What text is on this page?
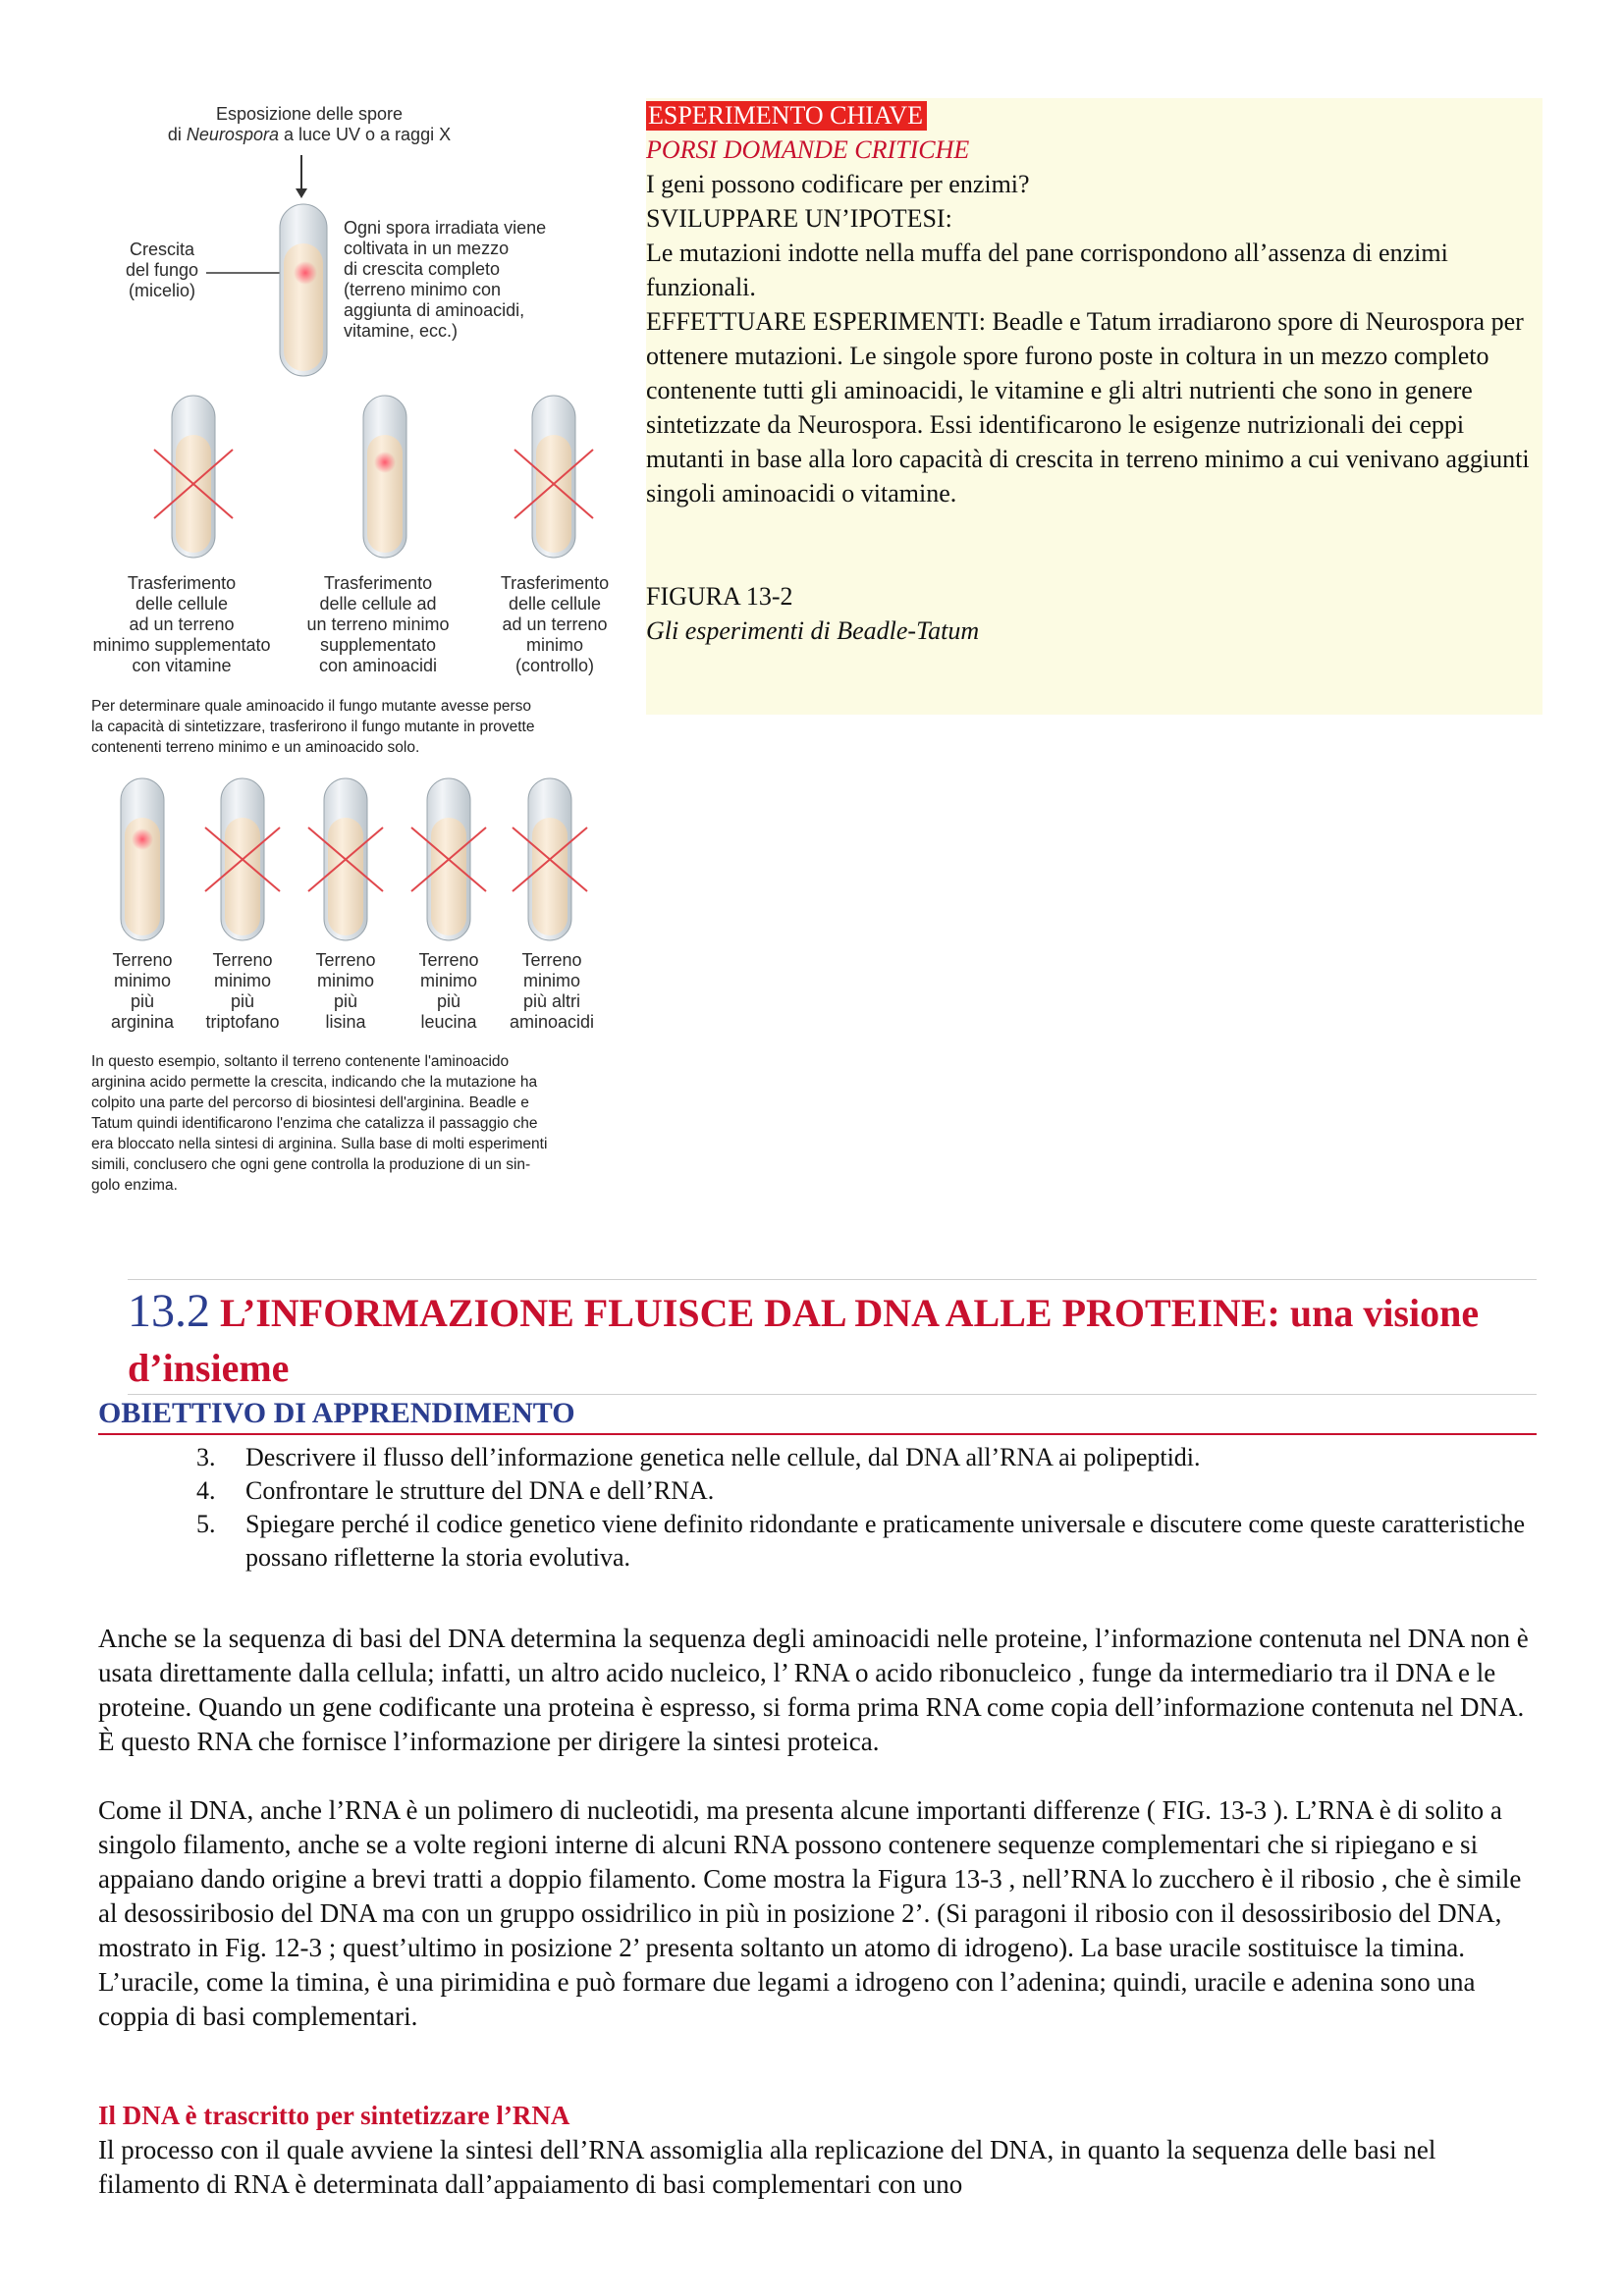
Esposizione delle spore
di Neurospora a luce UV o a raggi X
Crescita
del fungo
(micelio)
Ogni spora irradiata viene
coltivata in un mezzo
di crescita completo
(terreno minimo con
aggiunta di aminoacidi,
vitamine, ecc.)
Trasferimento
delle cellule
ad un terreno
minimo supplementato
con vitamine
Trasferimento
delle cellule ad
un terreno minimo
supplementato
con aminoacidi
Trasferimento
delle cellule
ad un terreno
minimo
(controllo)
Per determinare quale aminoacido il fungo mutante avesse perso
la capacità di sintetizzare, trasferirono il fungo mutante in provette
contenenti terreno minimo e un aminoacido solo.
Terreno
minimo
più
arginina
Terreno
minimo
più
triptofano
Terreno
minimo
più
lisina
Terreno
minimo
più
leucina
Terreno
minimo
più altri
aminoacidi
In questo esempio, soltanto il terreno contenente l'aminoacido
arginina acido permette la crescita, indicando che la mutazione ha
colpito una parte del percorso di biosintesi dell'arginina. Beadle e
Tatum quindi identificarono l'enzima che catalizza il passaggio che
era bloccato nella sintesi di arginina. Sulla base di molti esperimenti
simili, conclusero che ogni gene controlla la produzione di un sin-
golo enzima.

ESPERIMENTO CHIAVE

PORSI DOMANDE CRITICHE

I geni possono codificare per enzimi?

SVILUPPARE UN’IPOTESI:

Le mutazioni indotte nella muffa del pane corrispondono all’assenza di enzimi funzionali.

EFFETTUARE ESPERIMENTI: Beadle e Tatum irradiarono spore di Neurospora per ottenere mutazioni. Le singole spore furono poste in coltura in un mezzo completo contenente tutti gli aminoacidi, le vitamine e gli altri nutrienti che sono in genere sintetizzate da Neurospora. Essi identificarono le esigenze nutrizionali dei ceppi mutanti in base alla loro capacità di crescita in terreno minimo a cui venivano aggiunti singoli aminoacidi o vitamine.

FIGURA 13-2

Gli esperimenti di Beadle-Tatum

13.2 L’INFORMAZIONE FLUISCE DAL DNA ALLE PROTEINE: una visione d’insieme
OBIETTIVO DI APPRENDIMENTO
3.	Descrivere il flusso dell’informazione genetica nelle cellule, dal DNA all’RNA ai polipeptidi.
4.	Confrontare le strutture del DNA e dell’RNA.
5.	Spiegare perché il codice genetico viene definito ridondante e praticamente universale e discutere come queste caratteristiche possano rifletterne la storia evolutiva.

Anche se la sequenza di basi del DNA determina la sequenza degli aminoacidi nelle proteine, l’informazione contenuta nel DNA non è usata direttamente dalla cellula; infatti, un altro acido nucleico, l’ RNA o acido ribonucleico , funge da intermediario tra il DNA e le proteine. Quando un gene codificante una proteina è espresso, si forma prima RNA come copia dell’informazione contenuta nel DNA. È questo RNA che fornisce l’informazione per dirigere la sintesi proteica.

Come il DNA, anche l’RNA è un polimero di nucleotidi, ma presenta alcune importanti differenze ( FIG. 13-3 ). L’RNA è di solito a singolo filamento, anche se a volte regioni interne di alcuni RNA possono contenere sequenze complementari che si ripiegano e si appaiano dando origine a brevi tratti a doppio filamento. Come mostra la Figura 13-3 , nell’RNA lo zucchero è il ribosio , che è simile al desossiribosio del DNA ma con un gruppo ossidrilico in più in posizione 2’. (Si paragoni il ribosio con il desossiribosio del DNA, mostrato in Fig. 12-3 ; quest’ultimo in posizione 2’ presenta soltanto un atomo di idrogeno). La base uracile sostituisce la timina. L’uracile, come la timina, è una pirimidina e può formare due legami a idrogeno con l’adenina; quindi, uracile e adenina sono una coppia di basi complementari.

Il DNA è trascritto per sintetizzare l’RNA

Il processo con il quale avviene la sintesi dell’RNA assomiglia alla replicazione del DNA, in quanto la sequenza delle basi nel filamento di RNA è determinata dall’appaiamento di basi complementari con uno
